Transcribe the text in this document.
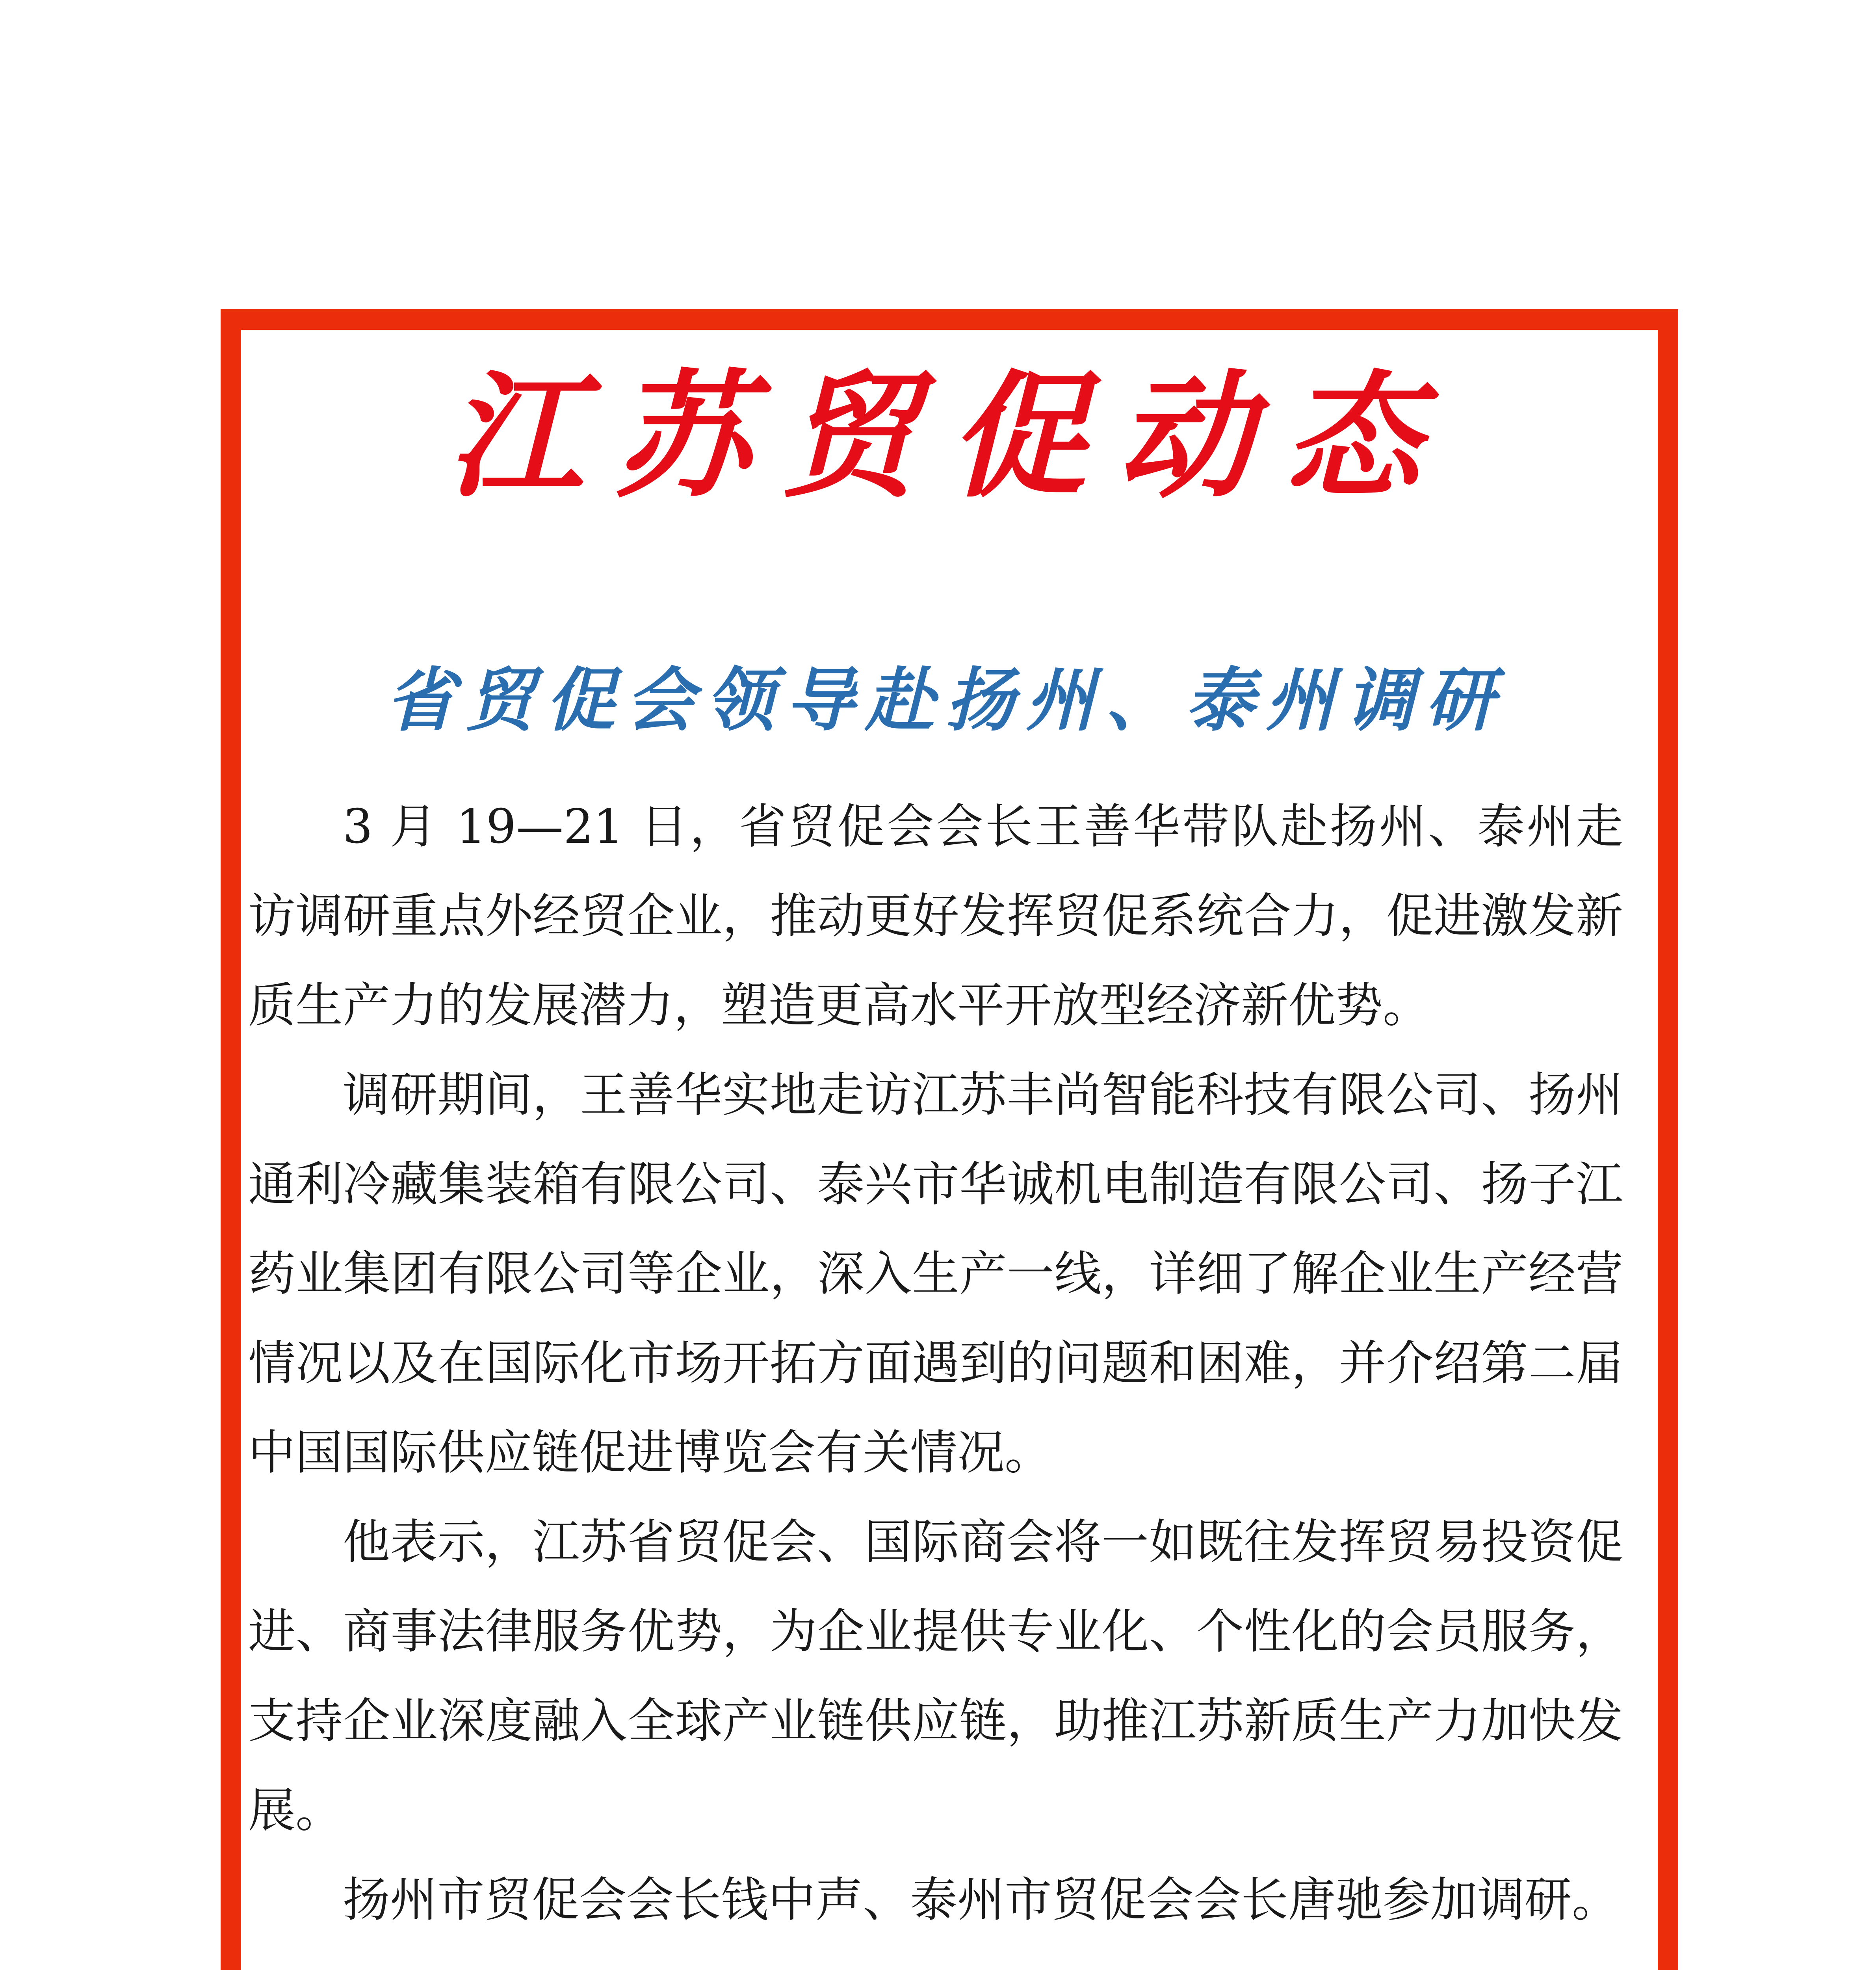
江苏贸促动态
省贸促会领导赴扬州、泰州调研

3 月 19—21 日，省贸促会会长王善华带队赴扬州、泰州走访调研重点外经贸企业，推动更好发挥贸促系统合力，促进激发新质生产力的发展潜力，塑造更高水平开放型经济新优势。

调研期间，王善华实地走访江苏丰尚智能科技有限公司、扬州通利冷藏集装箱有限公司、泰兴市华诚机电制造有限公司、扬子江药业集团有限公司等企业，深入生产一线，详细了解企业生产经营情况以及在国际化市场开拓方面遇到的问题和困难，并介绍第二届中国国际供应链促进博览会有关情况。

他表示，江苏省贸促会、国际商会将一如既往发挥贸易投资促进、商事法律服务优势，为企业提供专业化、个性化的会员服务，支持企业深度融入全球产业链供应链，助推江苏新质生产力加快发展。

扬州市贸促会会长钱中声、泰州市贸促会会长唐驰参加调研。
